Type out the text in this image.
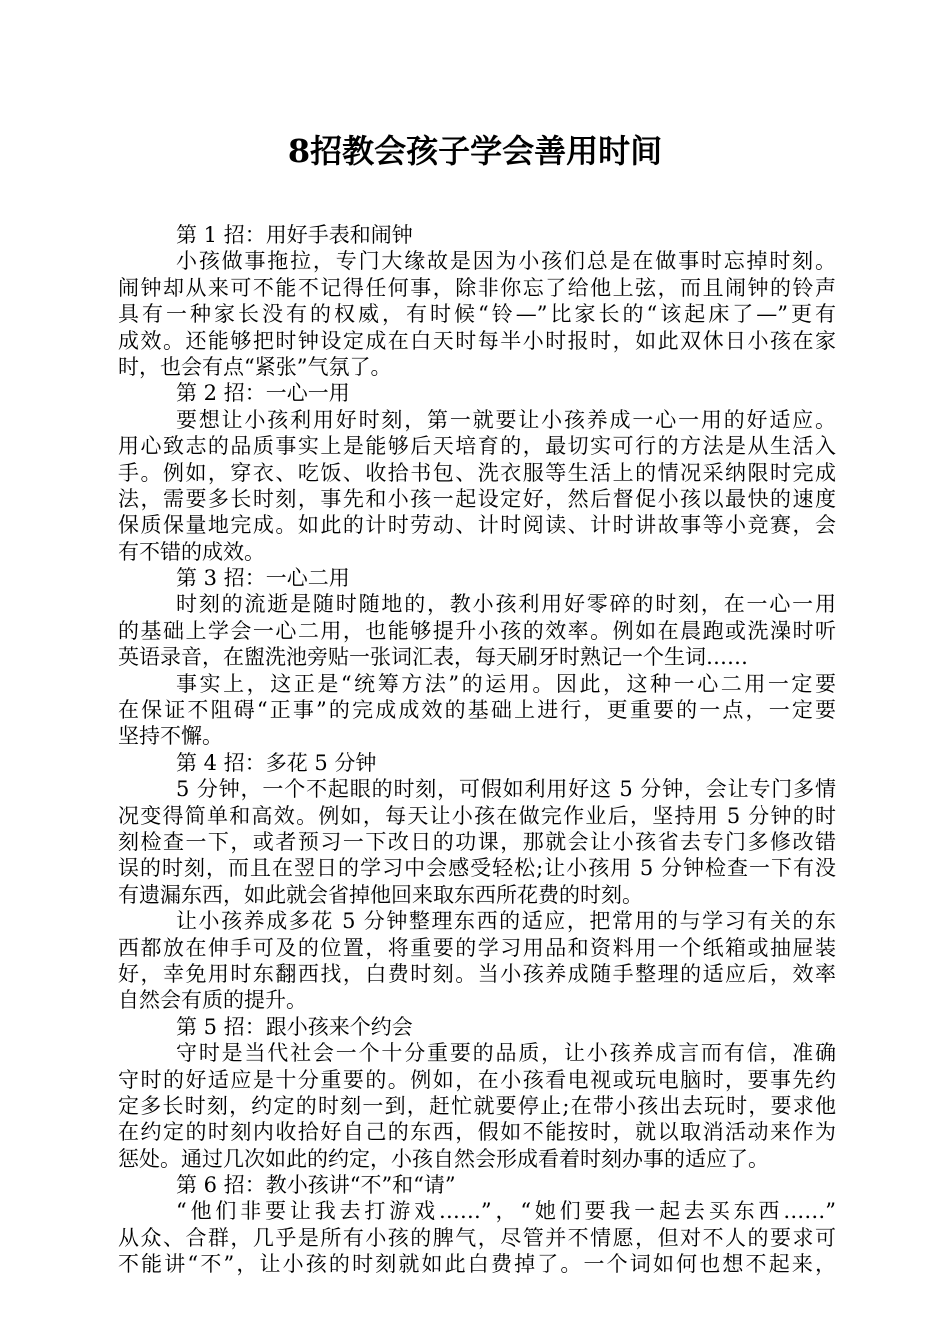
8招教会孩子学会善用时间
第 1 招：用好手表和闹钟
小孩做事拖拉，专门大缘故是因为小孩们总是在做事时忘掉时刻。
闹钟却从来可不能不记得任何事，除非你忘了给他上弦，而且闹钟的铃声
具有一种家长没有的权威，有时候“铃—”比家长的“该起床了—”更有
成效。还能够把时钟设定成在白天时每半小时报时，如此双休日小孩在家
时，也会有点“紧张”气氛了。
第 2 招：一心一用
要想让小孩利用好时刻，第一就要让小孩养成一心一用的好适应。
用心致志的品质事实上是能够后天培育的，最切实可行的方法是从生活入
手。例如，穿衣、吃饭、收拾书包、洗衣服等生活上的情况采纳限时完成
法，需要多长时刻，事先和小孩一起设定好，然后督促小孩以最快的速度
保质保量地完成。如此的计时劳动、计时阅读、计时讲故事等小竞赛，会
有不错的成效。
第 3 招：一心二用
时刻的流逝是随时随地的，教小孩利用好零碎的时刻，在一心一用
的基础上学会一心二用，也能够提升小孩的效率。例如在晨跑或洗澡时听
英语录音，在盥洗池旁贴一张词汇表，每天刷牙时熟记一个生词……
事实上，这正是“统筹方法”的运用。因此，这种一心二用一定要
在保证不阻碍“正事”的完成成效的基础上进行，更重要的一点，一定要
坚持不懈。
第 4 招：多花 5 分钟
5 分钟，一个不起眼的时刻，可假如利用好这 5 分钟，会让专门多情
况变得简单和高效。例如，每天让小孩在做完作业后，坚持用 5 分钟的时
刻检查一下，或者预习一下改日的功课，那就会让小孩省去专门多修改错
误的时刻，而且在翌日的学习中会感受轻松;让小孩用 5 分钟检查一下有没
有遗漏东西，如此就会省掉他回来取东西所花费的时刻。
让小孩养成多花 5 分钟整理东西的适应，把常用的与学习有关的东
西都放在伸手可及的位置，将重要的学习用品和资料用一个纸箱或抽屉装
好，幸免用时东翻西找，白费时刻。当小孩养成随手整理的适应后，效率
自然会有质的提升。
第 5 招：跟小孩来个约会
守时是当代社会一个十分重要的品质，让小孩养成言而有信，准确
守时的好适应是十分重要的。例如，在小孩看电视或玩电脑时，要事先约
定多长时刻，约定的时刻一到，赶忙就要停止;在带小孩出去玩时，要求他
在约定的时刻内收拾好自己的东西，假如不能按时，就以取消活动来作为
惩处。通过几次如此的约定，小孩自然会形成看着时刻办事的适应了。
第 6 招：教小孩讲“不”和“请”
“他们非要让我去打游戏……”，“她们要我一起去买东西……”
从众、合群，几乎是所有小孩的脾气，尽管并不情愿，但对不人的要求可
不能讲“不”，让小孩的时刻就如此白费掉了。一个词如何也想不起来，
